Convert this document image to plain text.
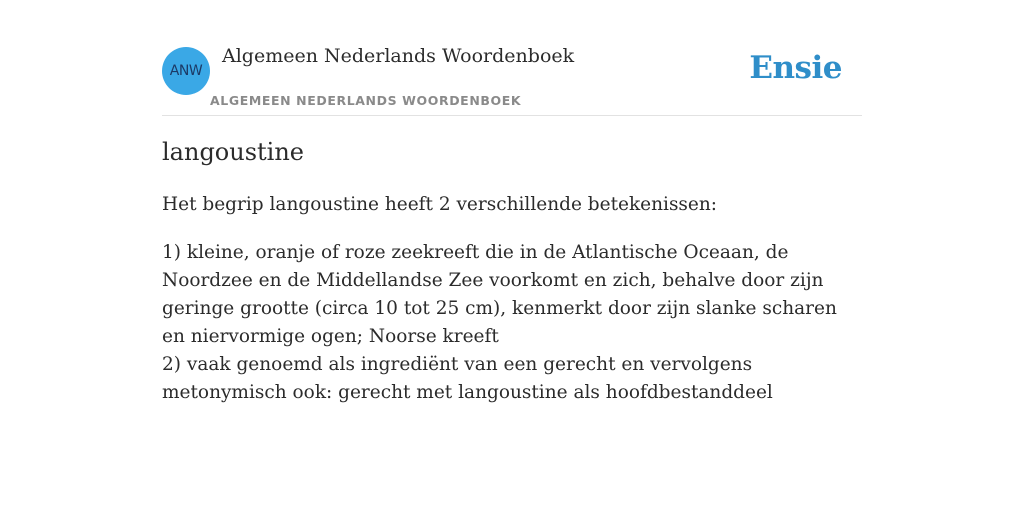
ANW
Algemeen Nederlands Woordenboek
ALGEMEEN NEDERLANDS WOORDENBOEK
Ensie
langoustine
Het begrip langoustine heeft 2 verschillende betekenissen:

1) kleine, oranje of roze zeekreeft die in de Atlantische Oceaan, de Noordzee en de Middellandse Zee voorkomt en zich, behalve door zijn geringe grootte (circa 10 tot 25 cm), kenmerkt door zijn slanke scharen en niervormige ogen; Noorse kreeft

2) vaak genoemd als ingrediënt van een gerecht en vervolgens metonymisch ook: gerecht met langoustine als hoofdbestanddeel
